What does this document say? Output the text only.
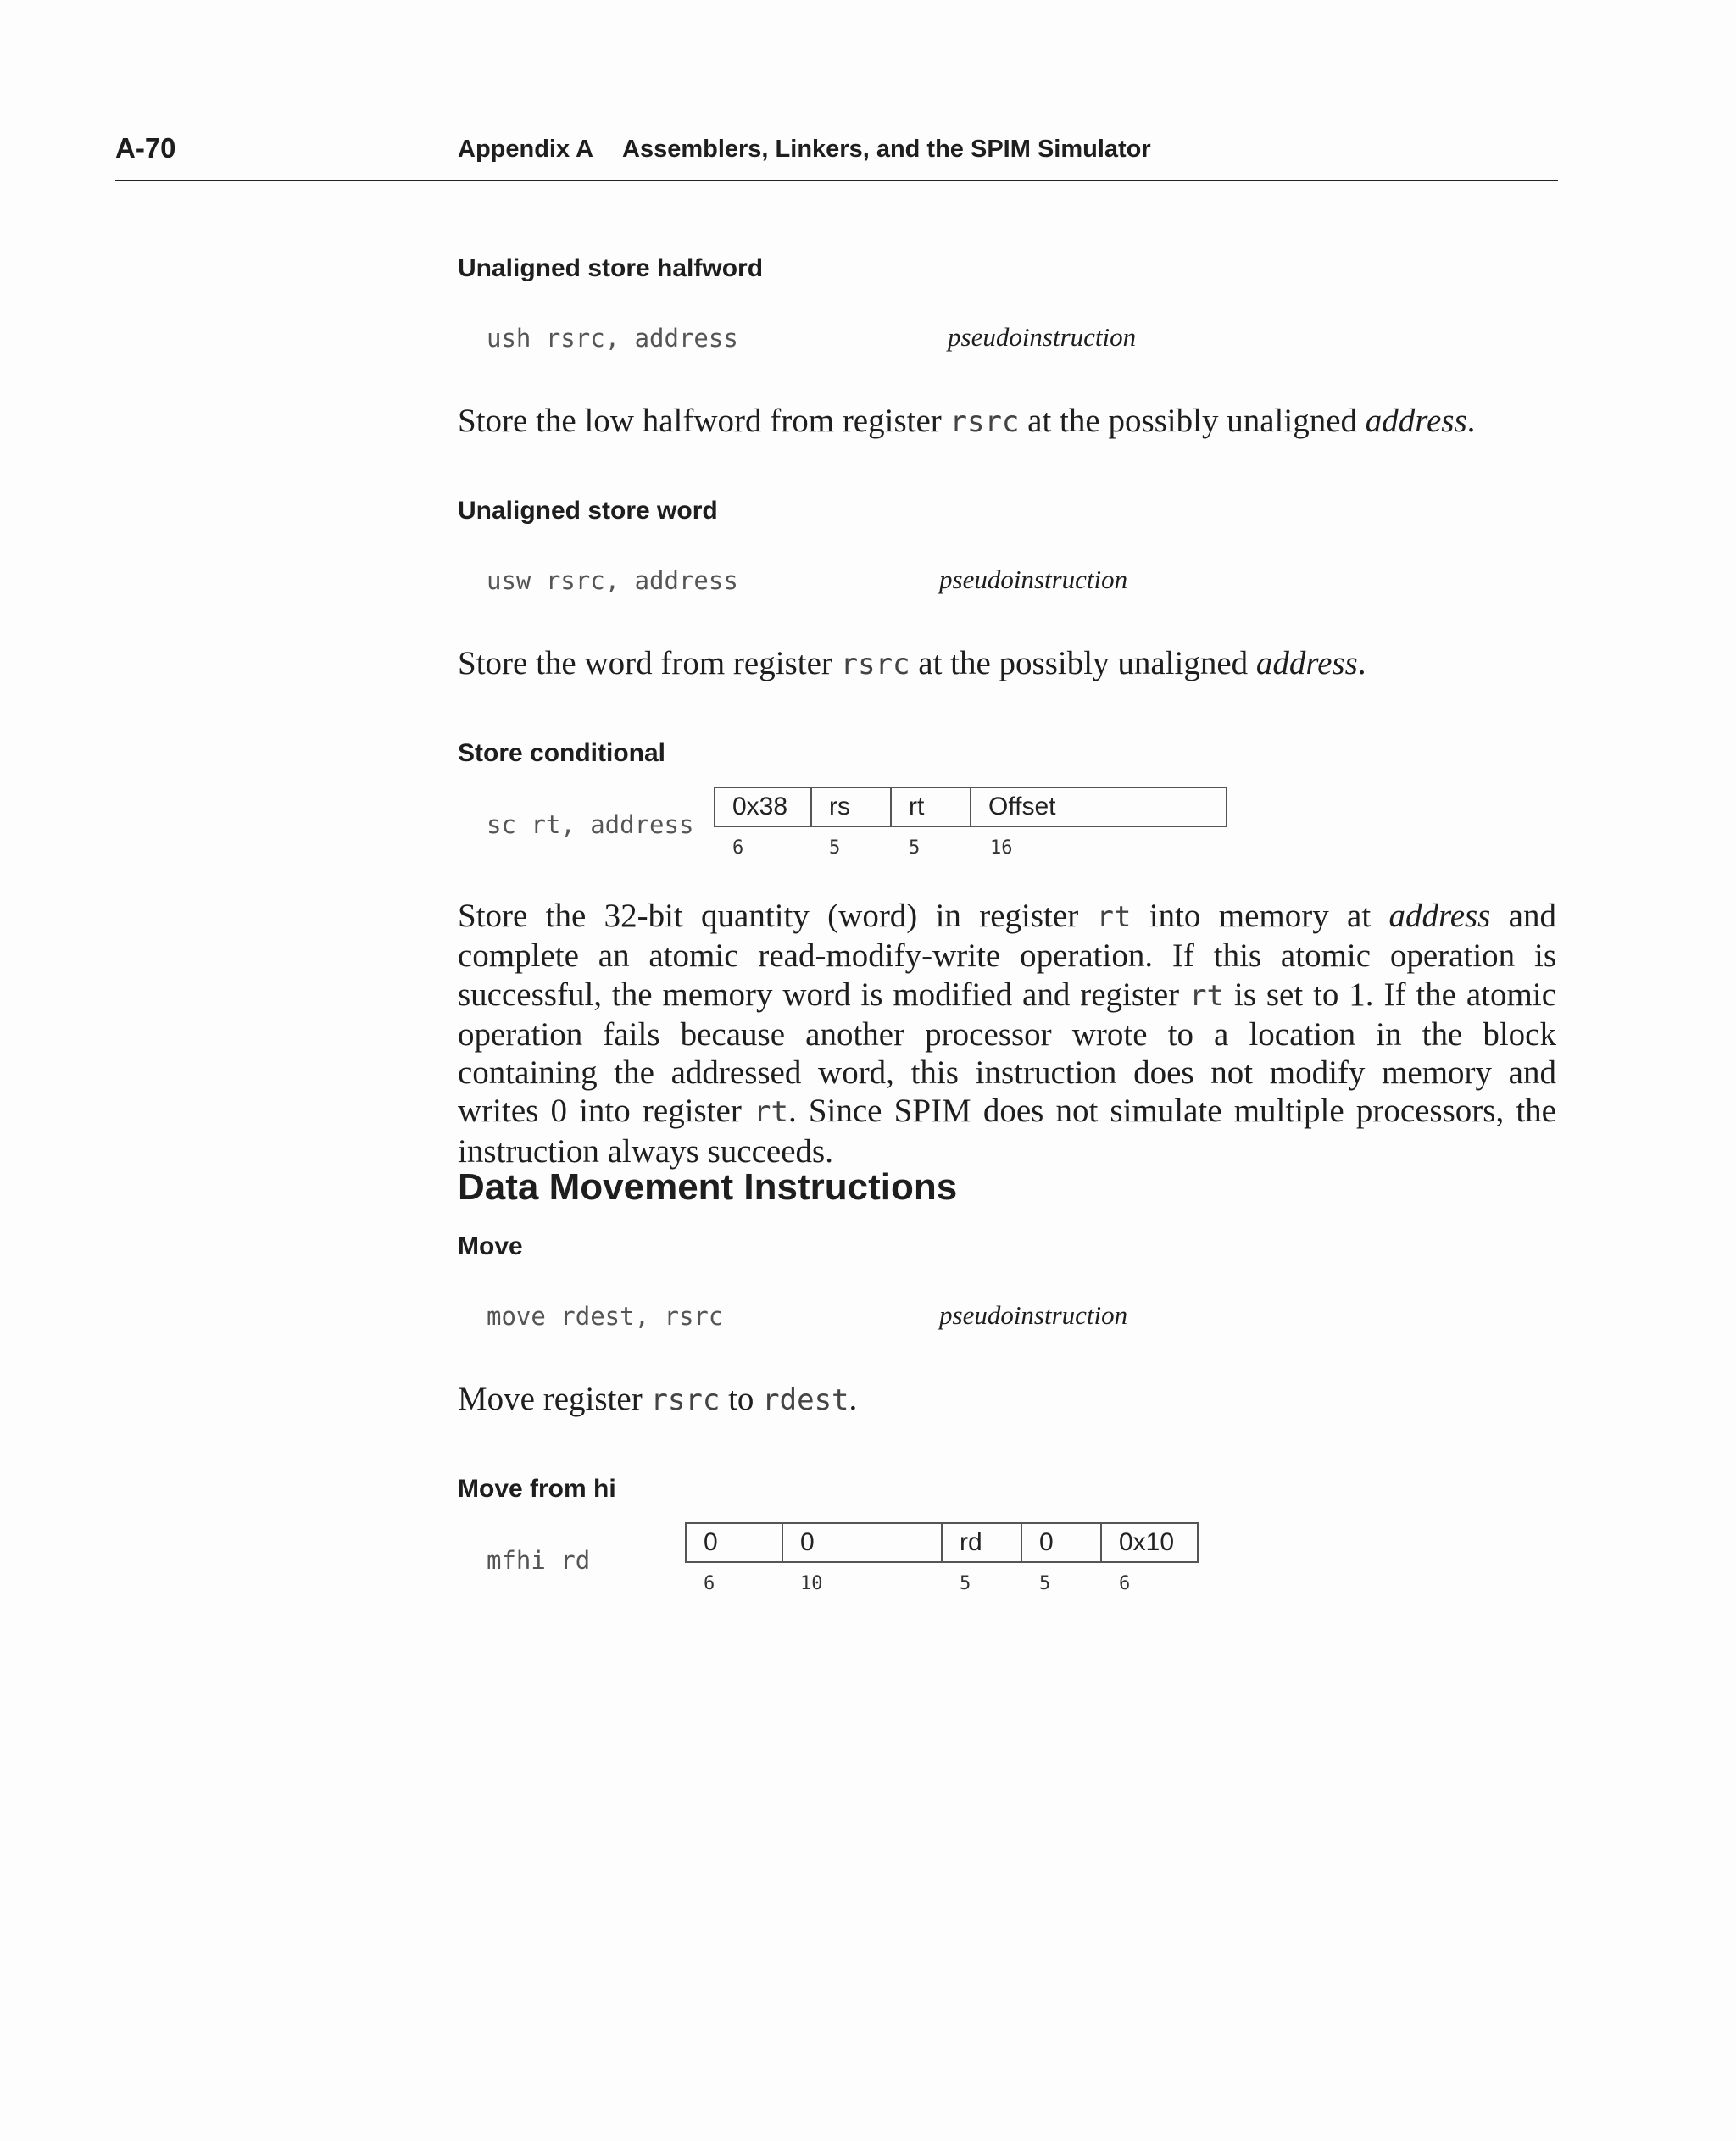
A-70	Appendix A Assemblers, Linkers, and the SPIM Simulator
Unaligned store halfword
ush rsrc, address	pseudoinstruction
Store the low halfword from register rsrc at the possibly unaligned address.
Unaligned store word
usw rsrc, address	pseudoinstruction
Store the word from register rsrc at the possibly unaligned address.
Store conditional
sc rt, address
0x38	rs	rt	Offset
6	5	5	16
Store the 32-bit quantity (word) in register rt into memory at address and complete an atomic read-modify-write operation. If this atomic operation is successful, the memory word is modified and register rt is set to 1. If the atomic operation fails because another processor wrote to a location in the block containing the addressed word, this instruction does not modify memory and writes 0 into register rt. Since SPIM does not simulate multiple processors, the instruction always succeeds.
Data Movement Instructions
Move
move rdest, rsrc	pseudoinstruction
Move register rsrc to rdest.
Move from hi
mfhi rd
0	0	rd	0	0x10
6	10	5	5	6
